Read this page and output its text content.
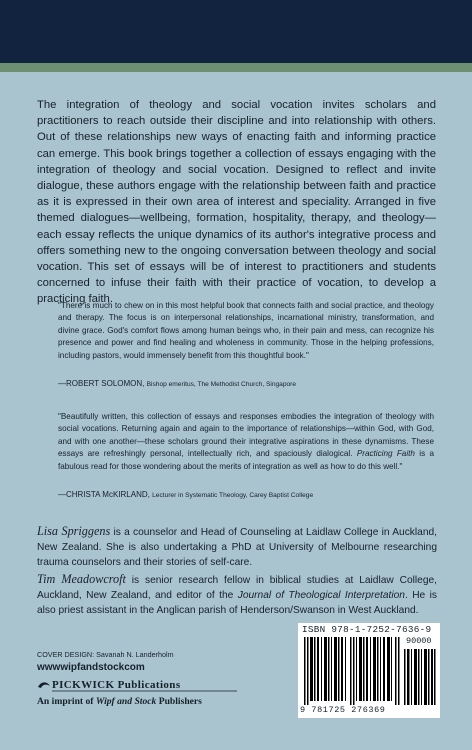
The integration of theology and social vocation invites scholars and practitioners to reach outside their discipline and into relationship with others. Out of these relationships new ways of enacting faith and informing practice can emerge. This book brings together a collection of essays engaging with the integration of theology and social vocation. Designed to reflect and invite dialogue, these authors engage with the relationship between faith and practice as it is expressed in their own area of interest and speciality. Arranged in five themed dialogues—wellbeing, formation, hospitality, therapy, and theology—each essay reflects the unique dynamics of its author's integrative process and offers something new to the ongoing conversation between theology and social vocation. This set of essays will be of interest to practitioners and students concerned to infuse their faith with their practice of vocation, to develop a practicing faith.

"There is much to chew on in this most helpful book that connects faith and social practice, and theology and therapy. The focus is on interpersonal relationships, incarnational ministry, transformation, and divine grace. God's comfort flows among human beings who, in their pain and mess, can recognize his presence and power and find healing and wholeness in community. Those in the helping professions, including pastors, would immensely benefit from this thoughtful book."

—ROBERT SOLOMON, Bishop emeritus, The Methodist Church, Singapore

"Beautifully written, this collection of essays and responses embodies the integration of theology with social vocations. Returning again and again to the importance of relationships—within God, with God, and with one another—these scholars ground their integrative aspirations in these dynamisms. These essays are refreshingly personal, intellectually rich, and spaciously dialogical. Practicing Faith is a fabulous read for those wondering about the merits of integration as well as how to do this well."

—CHRISTA McKIRLAND, Lecturer in Systematic Theology, Carey Baptist College

Lisa Spriggens is a counselor and Head of Counseling at Laidlaw College in Auckland, New Zealand. She is also undertaking a PhD at University of Melbourne researching trauma counselors and their stories of self-care.

Tim Meadowcroft is senior research fellow in biblical studies at Laidlaw College, Auckland, New Zealand, and editor of the Journal of Theological Interpretation. He is also priest assistant in the Anglican parish of Henderson/Swanson in West Auckland.

COVER DESIGN: Savanah N. Landerholm

wwwwipfandstockcom

PICKWICK Publications

An imprint of Wipf and Stock Publishers

ISBN 978-1-7252-7636-9

90000

9 781725 276369
